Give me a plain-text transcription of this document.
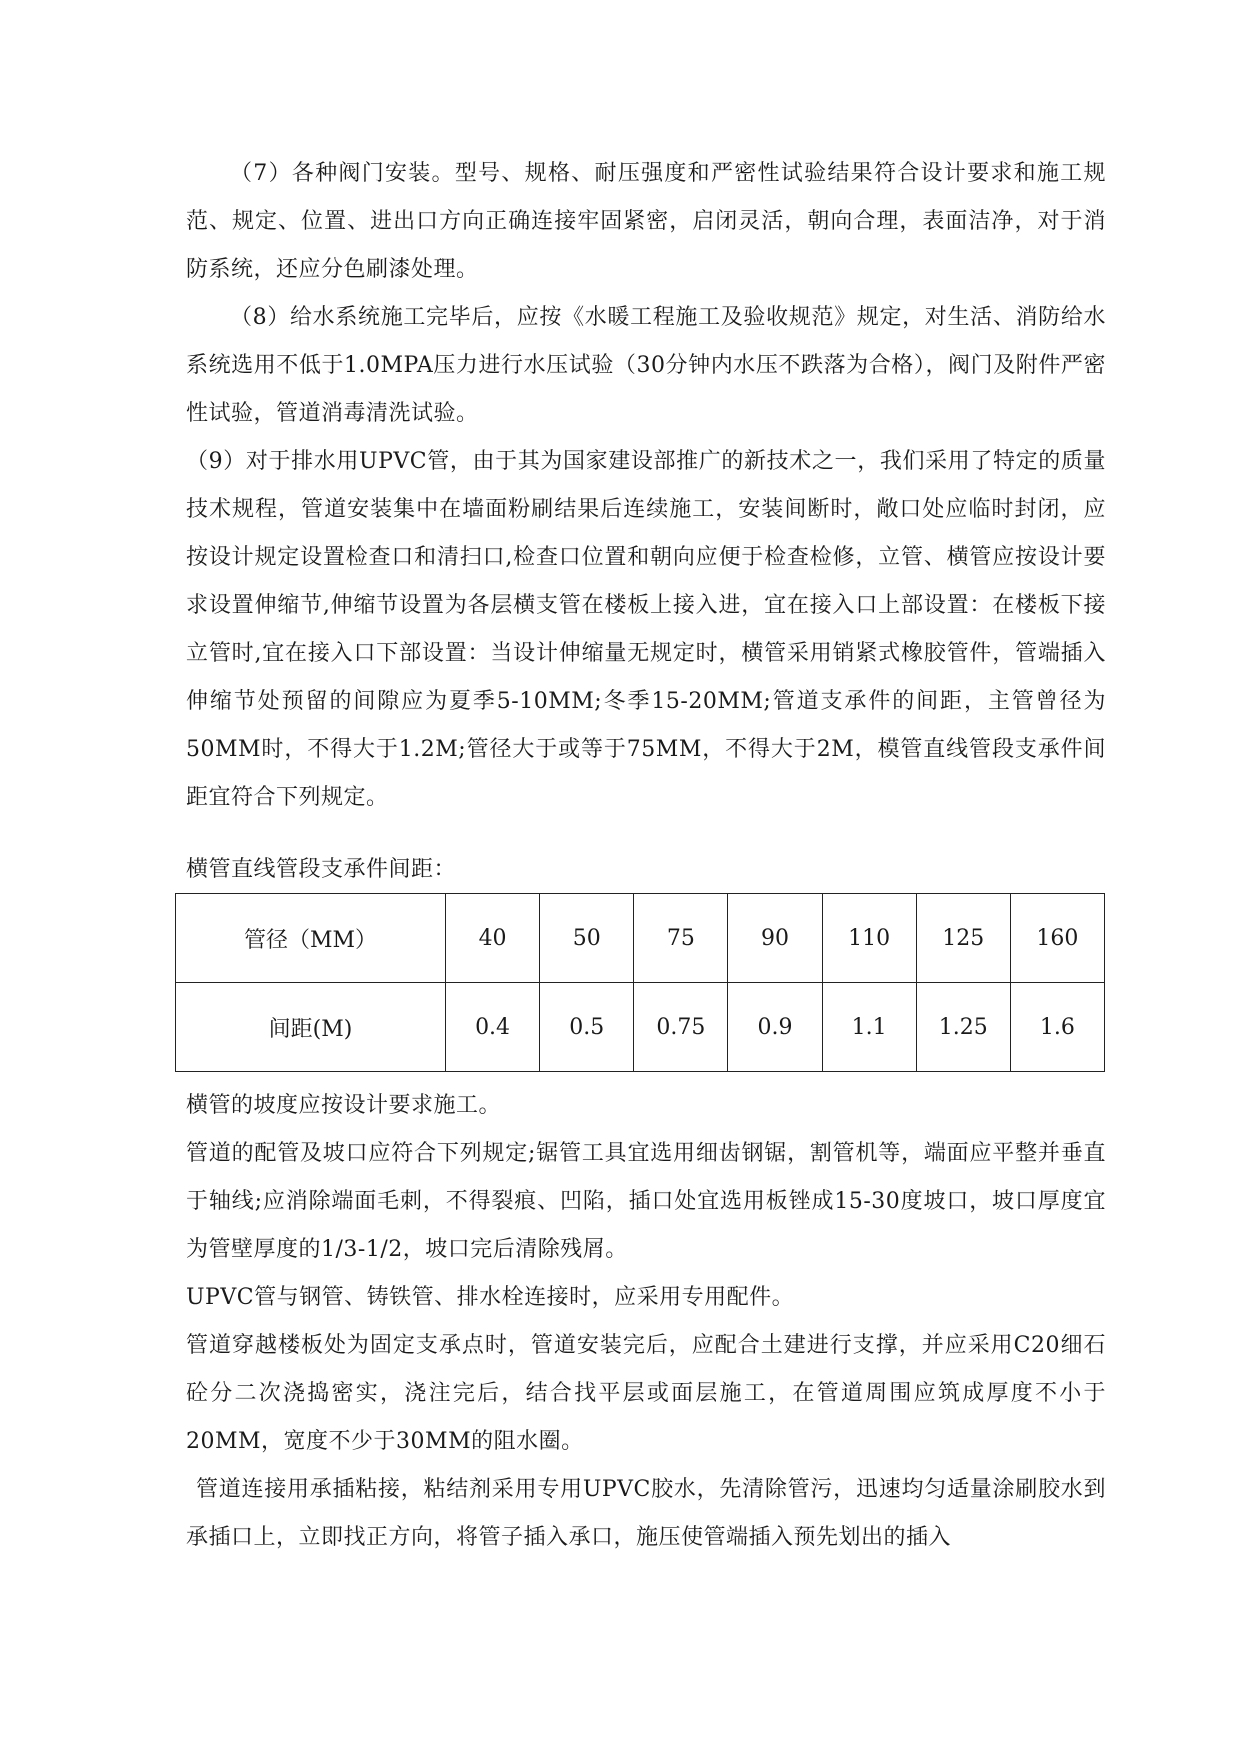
（7）各种阀门安装。型号、规格、耐压强度和严密性试验结果符合设计要求和施工规范、规定、位置、进出口方向正确连接牢固紧密，启闭灵活，朝向合理，表面洁净，对于消防系统，还应分色刷漆处理。

（8）给水系统施工完毕后，应按《水暖工程施工及验收规范》规定，对生活、消防给水系统选用不低于1.0MPA压力进行水压试验（30分钟内水压不跌落为合格），阀门及附件严密性试验，管道消毒清洗试验。

（9）对于排水用UPVC管，由于其为国家建设部推广的新技术之一，我们采用了特定的质量技术规程，管道安装集中在墙面粉刷结果后连续施工，安装间断时，敞口处应临时封闭，应按设计规定设置检查口和清扫口,检查口位置和朝向应便于检查检修，立管、横管应按设计要求设置伸缩节,伸缩节设置为各层横支管在楼板上接入进，宜在接入口上部设置：在楼板下接立管时,宜在接入口下部设置：当设计伸缩量无规定时，横管采用销紧式橡胶管件，管端插入伸缩节处预留的间隙应为夏季5-10MM;冬季15-20MM;管道支承件的间距，主管曾径为50MM时，不得大于1.2M;管径大于或等于75MM，不得大于2M，模管直线管段支承件间距宜符合下列规定。

横管直线管段支承件间距：

管径（MM）	40	50	75	90	110	125	160
间距(M)	0.4	0.5	0.75	0.9	1.1	1.25	1.6

横管的坡度应按设计要求施工。

管道的配管及坡口应符合下列规定;锯管工具宜选用细齿钢锯，割管机等，端面应平整并垂直于轴线;应消除端面毛刺，不得裂痕、凹陷，插口处宜选用板锉成15-30度坡口，坡口厚度宜为管壁厚度的1/3-1/2，坡口完后清除残屑。

UPVC管与钢管、铸铁管、排水栓连接时，应采用专用配件。

管道穿越楼板处为固定支承点时，管道安装完后，应配合土建进行支撑，并应采用C20细石砼分二次浇捣密实，浇注完后，结合找平层或面层施工，在管道周围应筑成厚度不小于20MM，宽度不少于30MM的阻水圈。

管道连接用承插粘接，粘结剂采用专用UPVC胶水，先清除管污，迅速均匀适量涂刷胶水到承插口上，立即找正方向，将管子插入承口，施压使管端插入预先划出的插入
